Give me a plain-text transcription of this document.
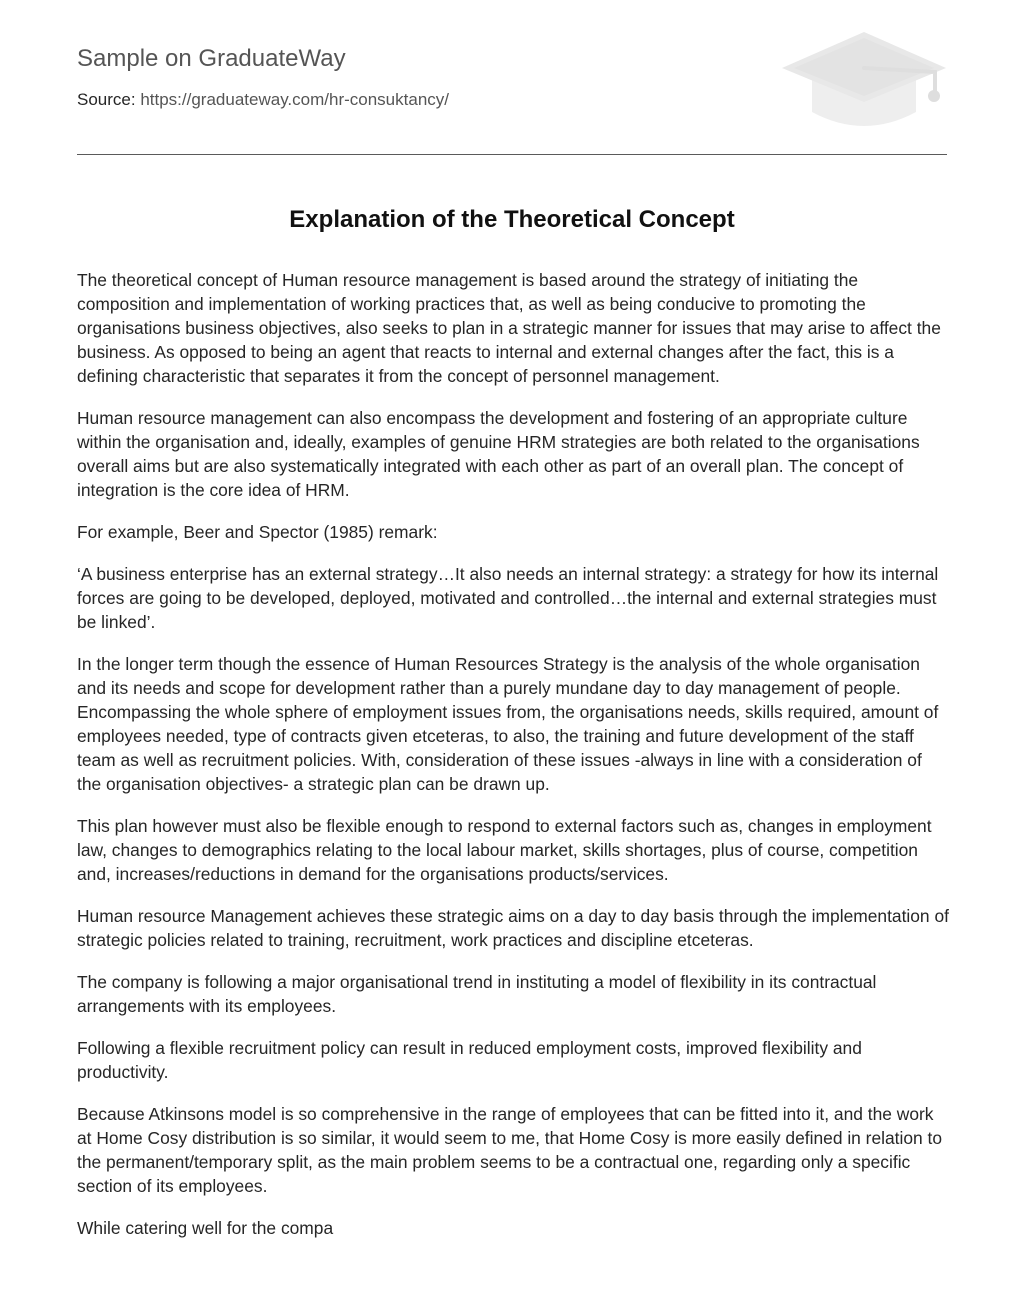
Sample on GraduateWay
Source: https://graduateway.com/hr-consuktancy/
Explanation of the Theoretical Concept

The theoretical concept of Human resource management is based around the strategy of initiating the composition and implementation of working practices that, as well as being conducive to promoting the organisations business objectives, also seeks to plan in a strategic manner for issues that may arise to affect the business. As opposed to being an agent that reacts to internal and external changes after the fact, this is a defining characteristic that separates it from the concept of personnel management.

Human resource management can also encompass the development and fostering of an appropriate culture within the organisation and, ideally, examples of genuine HRM strategies are both related to the organisations overall aims but are also systematically integrated with each other as part of an overall plan. The concept of integration is the core idea of HRM.

For example, Beer and Spector (1985) remark:

‘A business enterprise has an external strategy…It also needs an internal strategy: a strategy for how its internal forces are going to be developed, deployed, motivated and controlled…the internal and external strategies must be linked’.

In the longer term though the essence of Human Resources Strategy is the analysis of the whole organisation and its needs and scope for development rather than a purely mundane day to day management of people. Encompassing the whole sphere of employment issues from, the organisations needs, skills required, amount of employees needed, type of contracts given etceteras, to also, the training and future development of the staff team as well as recruitment policies. With, consideration of these issues -always in line with a consideration of the organisation objectives- a strategic plan can be drawn up.

This plan however must also be flexible enough to respond to external factors such as, changes in employment law, changes to demographics relating to the local labour market, skills shortages, plus of course, competition and, increases/reductions in demand for the organisations products/services.

Human resource Management achieves these strategic aims on a day to day basis through the implementation of strategic policies related to training, recruitment, work practices and discipline etceteras.

The company is following a major organisational trend in instituting a model of flexibility in its contractual arrangements with its employees.

Following a flexible recruitment policy can result in reduced employment costs, improved flexibility and productivity.

Because Atkinsons model is so comprehensive in the range of employees that can be fitted into it, and the work at Home Cosy distribution is so similar, it would seem to me, that Home Cosy is more easily defined in relation to the permanent/temporary split, as the main problem seems to be a contractual one, regarding only a specific section of its employees.

While catering well for the compa
